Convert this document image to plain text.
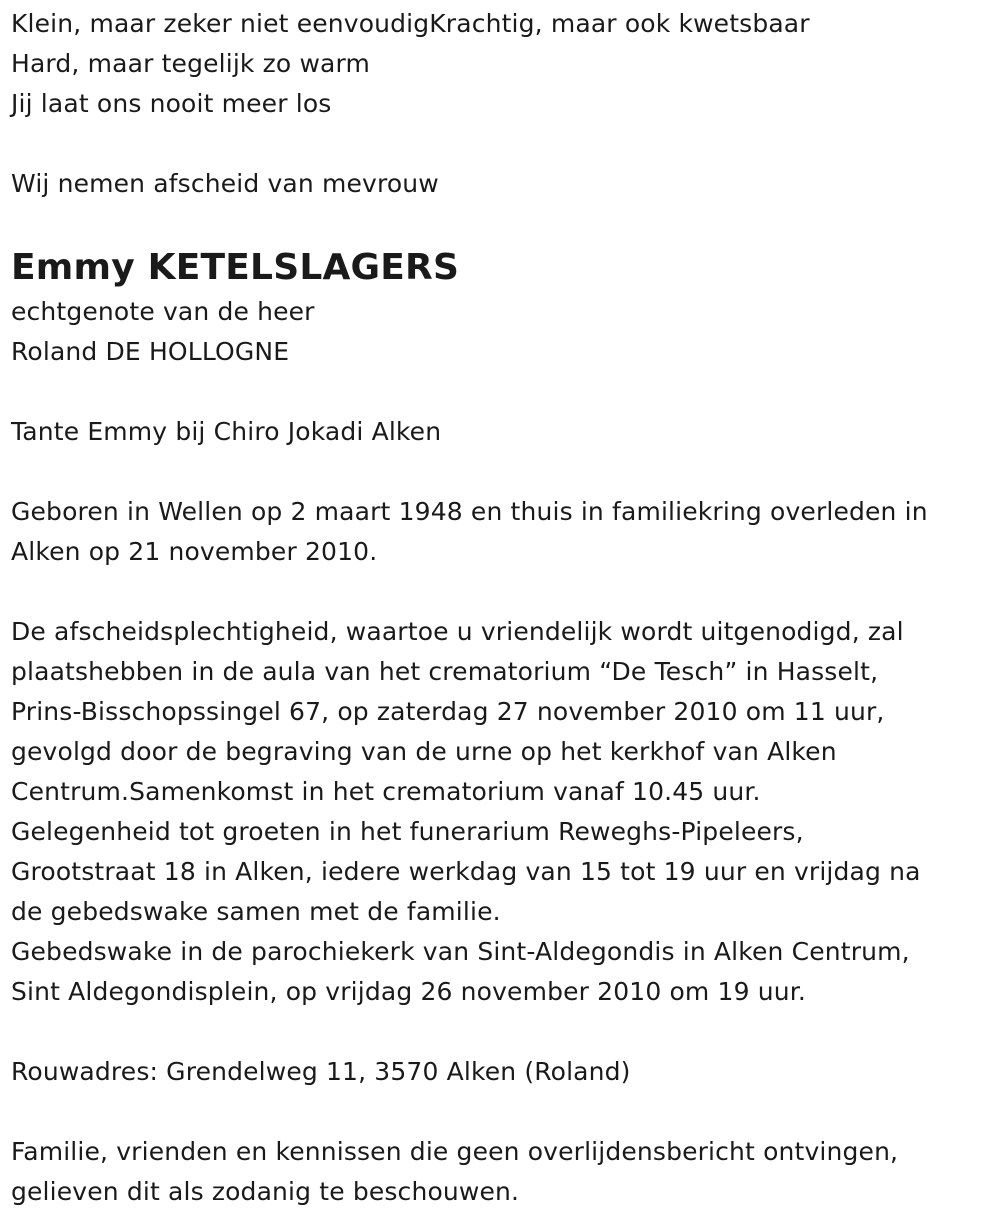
Klein, maar zeker niet eenvoudigKrachtig, maar ook kwetsbaar
Hard, maar tegelijk zo warm
Jij laat ons nooit meer los
Wij nemen afscheid van mevrouw
Emmy KETELSLAGERS
echtgenote van de heer
Roland DE HOLLOGNE
Tante Emmy bij Chiro Jokadi Alken
Geboren in Wellen op 2 maart 1948 en thuis in familiekring overleden in
Alken op 21 november 2010.
De afscheidsplechtigheid, waartoe u vriendelijk wordt uitgenodigd, zal
plaatshebben in de aula van het crematorium “De Tesch” in Hasselt,
Prins-Bisschopssingel 67, op zaterdag 27 november 2010 om 11 uur,
gevolgd door de begraving van de urne op het kerkhof van Alken
Centrum.Samenkomst in het crematorium vanaf 10.45 uur.
Gelegenheid tot groeten in het funerarium Reweghs-Pipeleers,
Grootstraat 18 in Alken, iedere werkdag van 15 tot 19 uur en vrijdag na
de gebedswake samen met de familie.
Gebedswake in de parochiekerk van Sint-Aldegondis in Alken Centrum,
Sint Aldegondisplein, op vrijdag 26 november 2010 om 19 uur.
Rouwadres: Grendelweg 11, 3570 Alken (Roland)
Familie, vrienden en kennissen die geen overlijdensbericht ontvingen,
gelieven dit als zodanig te beschouwen.
